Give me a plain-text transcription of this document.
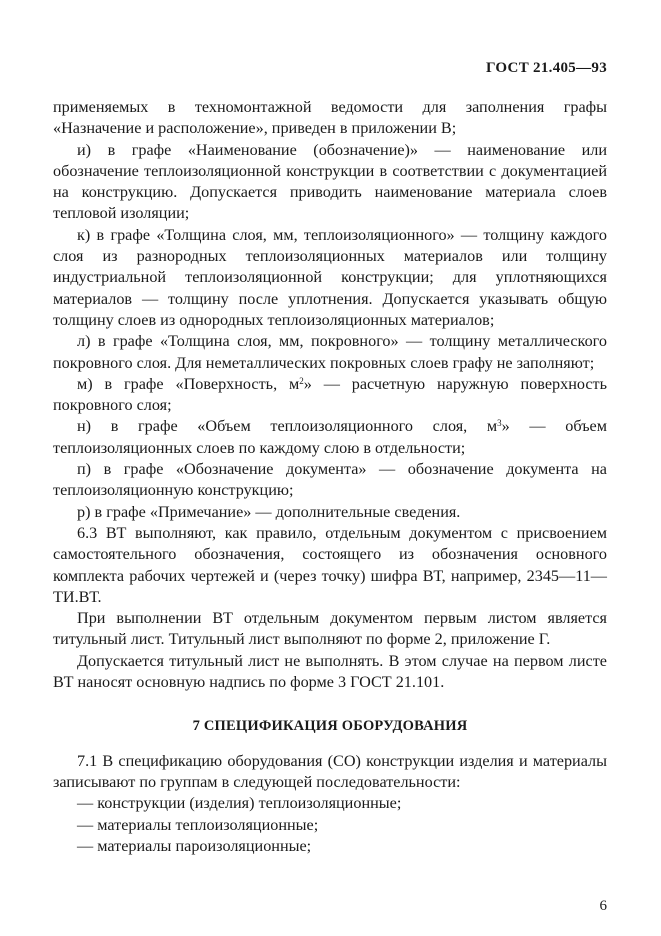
ГОСТ 21.405—93

применяемых в техномонтажной ведомости для заполнения графы «Назначение и расположение», приведен в приложении В;

и) в графе «Наименование (обозначение)» — наименование или обозначение теплоизоляционной конструкции в соответствии с документацией на конструкцию. Допускается приводить наименование материала слоев тепловой изоляции;

к) в графе «Толщина слоя, мм, теплоизоляционного» — толщину каждого слоя из разнородных теплоизоляционных материалов или толщину индустриальной теплоизоляционной конструкции; для уплотняющихся материалов — толщину после уплотнения. Допускается указывать общую толщину слоев из однородных теплоизоляционных материалов;

л) в графе «Толщина слоя, мм, покровного» — толщину металлического покровного слоя. Для неметаллических покровных слоев графу не заполняют;

м) в графе «Поверхность, $м^2$» — расчетную наружную поверхность покровного слоя;

н) в графе «Объем теплоизоляционного слоя, $м^3$» — объем теплоизоляционных слоев по каждому слою в отдельности;

п) в графе «Обозначение документа» — обозначение документа на теплоизоляционную конструкцию;

р) в графе «Примечание» — дополнительные сведения.

6.3 ВТ выполняют, как правило, отдельным документом с присвоением самостоятельного обозначения, состоящего из обозначения основного комплекта рабочих чертежей и (через точку) шифра ВТ, например, 2345—11—ТИ.ВТ.

При выполнении ВТ отдельным документом первым листом является титульный лист. Титульный лист выполняют по форме 2, приложение Г.

Допускается титульный лист не выполнять. В этом случае на первом листе ВТ наносят основную надпись по форме 3 ГОСТ 21.101.

7 СПЕЦИФИКАЦИЯ ОБОРУДОВАНИЯ

7.1 В спецификацию оборудования (СО) конструкции изделия и материалы записывают по группам в следующей последовательности:

— конструкции (изделия) теплоизоляционные;

— материалы теплоизоляционные;

— материалы пароизоляционные;

6
